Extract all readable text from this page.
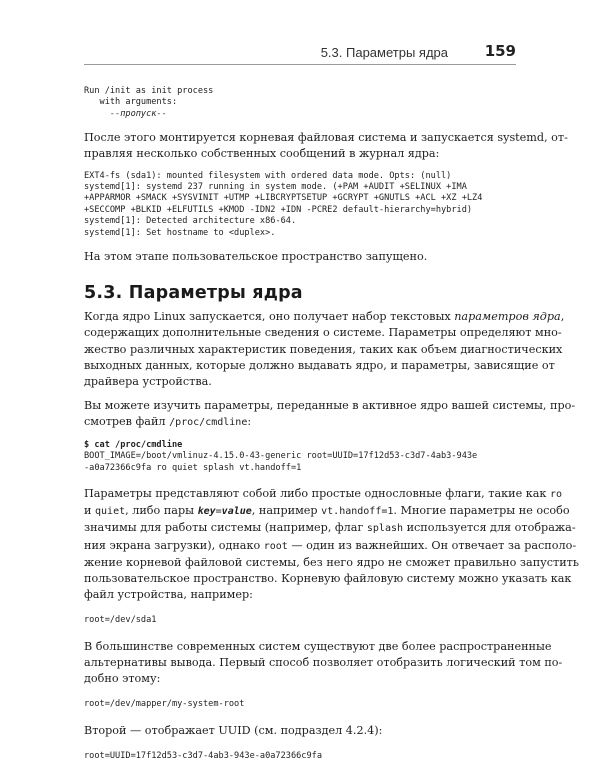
5.3. Параметры ядра 159
Run /init as init process
with arguments:
--пропуск--

После этого монтируется корневая файловая система и запускается systemd, от-
правляя несколько собственных сообщений в журнал ядра:

EXT4-fs (sda1): mounted filesystem with ordered data mode. Opts: (null)
systemd[1]: systemd 237 running in system mode. (+PAM +AUDIT +SELINUX +IMA
+APPARMOR +SMACK +SYSVINIT +UTMP +LIBCRYPTSETUP +GCRYPT +GNUTLS +ACL +XZ +LZ4
+SECCOMP +BLKID +ELFUTILS +KMOD -IDN2 +IDN -PCRE2 default-hierarchy=hybrid)
systemd[1]: Detected architecture x86-64.
systemd[1]: Set hostname to <duplex>.

На этом этапе пользовательское пространство запущено.

5.3. Параметры ядра

Когда ядро Linux запускается, оно получает набор текстовых параметров ядра,
содержащих дополнительные сведения о системе. Параметры определяют мно-
жество различных характеристик поведения, таких как объем диагностических
выходных данных, которые должно выдавать ядро, и параметры, зависящие от
драйвера устройства.

Вы можете изучить параметры, переданные в активное ядро вашей системы, про-
смотрев файл /proc/cmdline:

$ cat /proc/cmdline
BOOT_IMAGE=/boot/vmlinuz-4.15.0-43-generic root=UUID=17f12d53-c3d7-4ab3-943e
-a0a72366c9fa ro quiet splash vt.handoff=1

Параметры представляют собой либо простые однословные флаги, такие как ro
и quiet, либо пары key=value, например vt.handoff=1. Многие параметры не особо
значимы для работы системы (например, флаг splash используется для отобража-
ния экрана загрузки), однако root — один из важнейших. Он отвечает за располо-
жение корневой файловой системы, без него ядро не сможет правильно запустить
пользовательское пространство. Корневую файловую систему можно указать как
файл устройства, например:

root=/dev/sda1

В большинстве современных систем существуют две более распространенные
альтернативы вывода. Первый способ позволяет отобразить логический том по-
добно этому:

root=/dev/mapper/my-system-root

Второй — отображает UUID (см. подраздел 4.2.4):

root=UUID=17f12d53-c3d7-4ab3-943e-a0a72366c9fa
